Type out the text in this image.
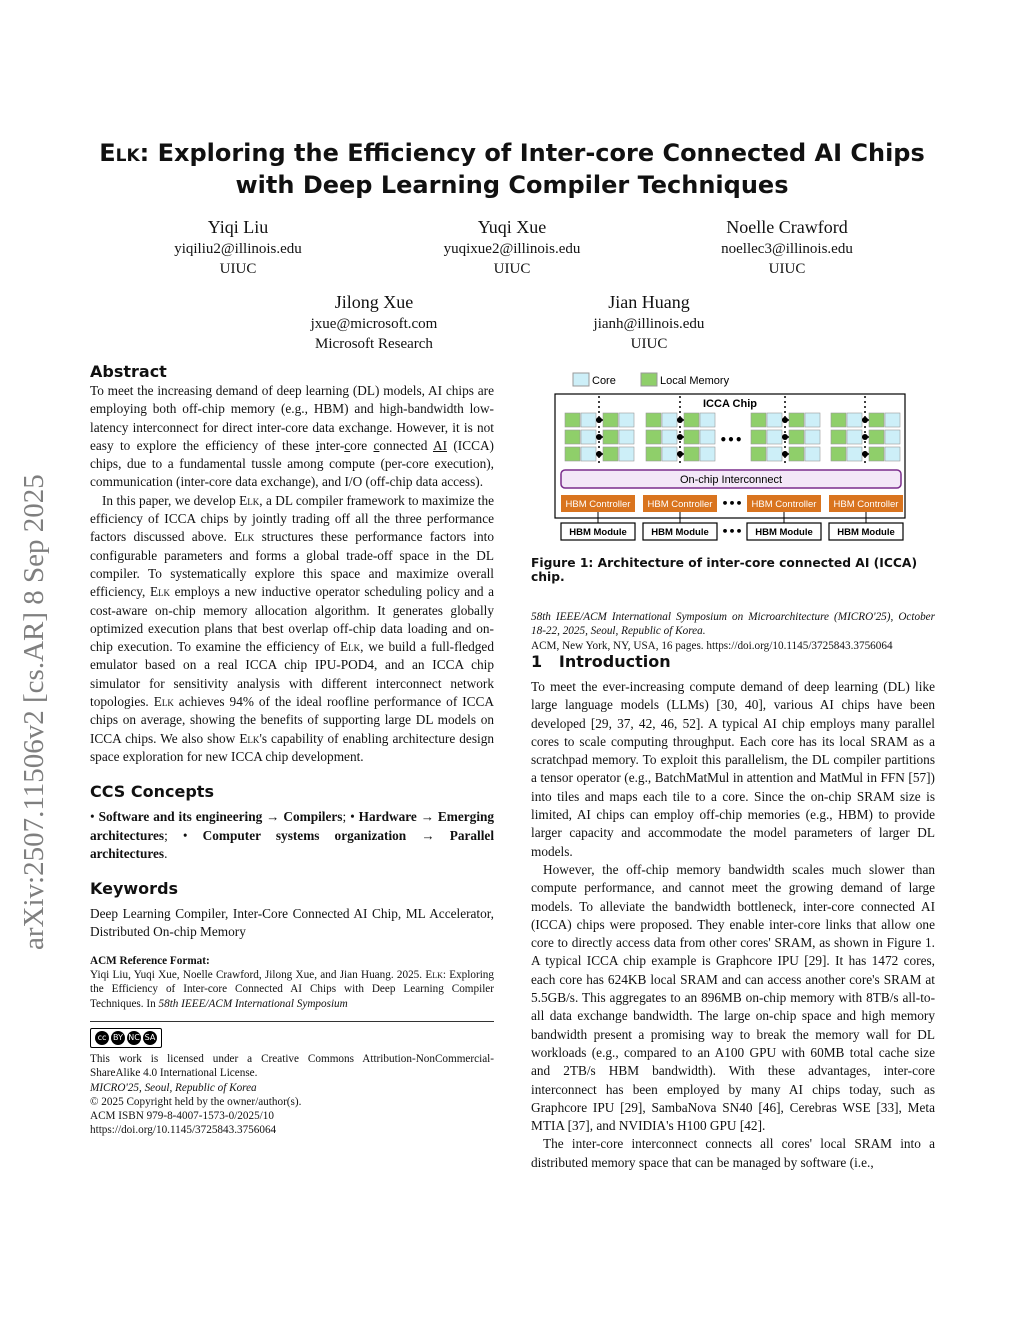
arXiv:2507.11506v2 [cs.AR] 8 Sep 2025
Elk: Exploring the Efficiency of Inter-core Connected AI Chips
with Deep Learning Compiler Techniques
Yiqi Liu
yiqiliu2@illinois.edu
UIUC
Yuqi Xue
yuqixue2@illinois.edu
UIUC
Noelle Crawford
noellec3@illinois.edu
UIUC
Jilong Xue
jxue@microsoft.com
Microsoft Research
Jian Huang
jianh@illinois.edu
UIUC
Abstract

To meet the increasing demand of deep learning (DL) models, AI chips are employing both off-chip memory (e.g., HBM) and high-bandwidth low-latency interconnect for direct inter-core data exchange. However, it is not easy to explore the efficiency of these inter-core connected AI (ICCA) chips, due to a fundamental tussle among compute (per-core execution), communication (inter-core data exchange), and I/O (off-chip data access).

In this paper, we develop Elk, a DL compiler framework to maximize the efficiency of ICCA chips by jointly trading off all the three performance factors discussed above. Elk structures these performance factors into configurable parameters and forms a global trade-off space in the DL compiler. To systematically explore this space and maximize overall efficiency, Elk employs a new inductive operator scheduling policy and a cost-aware on-chip memory allocation algorithm. It generates globally optimized execution plans that best overlap off-chip data loading and on-chip execution. To examine the efficiency of Elk, we build a full-fledged emulator based on a real ICCA chip IPU-POD4, and an ICCA chip simulator for sensitivity analysis with different interconnect network topologies. Elk achieves 94% of the ideal roofline performance of ICCA chips on average, showing the benefits of supporting large DL models on ICCA chips. We also show Elk's capability of enabling architecture design space exploration for new ICCA chip development.

CCS Concepts

• Software and its engineering → Compilers; • Hardware → Emerging architectures; • Computer systems organization → Parallel architectures.

Keywords

Deep Learning Compiler, Inter-Core Connected AI Chip, ML Accelerator, Distributed On-chip Memory

ACM Reference Format:

Yiqi Liu, Yuqi Xue, Noelle Crawford, Jilong Xue, and Jian Huang. 2025. Elk: Exploring the Efficiency of Inter-core Connected AI Chips with Deep Learning Compiler Techniques. In 58th IEEE/ACM International Symposium

cc BY NC SA

This work is licensed under a Creative Commons Attribution-NonCommercial-ShareAlike 4.0 International License.

MICRO'25, Seoul, Republic of Korea
© 2025 Copyright held by the owner/author(s).
ACM ISBN 979-8-4007-1573-0/2025/10
https://doi.org/10.1145/3725843.3756064
Core	Local Memory
ICCA Chip
•••
On-chip Interconnect
HBM Controller HBM Controller	HBM Controller HBM Controller
•••
HBM Module	HBM Module	HBM Module	HBM Module
•••
Figure 1: Architecture of inter-core connected AI (ICCA) chip.

58th IEEE/ACM International Symposium on Microarchitecture (MICRO'25), October 18-22, 2025, Seoul, Republic of Korea.

ACM, New York, NY, USA, 16 pages. https://doi.org/10.1145/3725843.3756064

1 Introduction

To meet the ever-increasing compute demand of deep learning (DL) like large language models (LLMs) [30, 40], various AI chips have been developed [29, 37, 42, 46, 52]. A typical AI chip employs many parallel cores to scale computing throughput. Each core has its local SRAM as a scratchpad memory. To exploit this parallelism, the DL compiler partitions a tensor operator (e.g., BatchMatMul in attention and MatMul in FFN [57]) into tiles and maps each tile to a core. Since the on-chip SRAM size is limited, AI chips can employ off-chip memories (e.g., HBM) to provide larger capacity and accommodate the model parameters of larger DL models.

However, the off-chip memory bandwidth scales much slower than compute performance, and cannot meet the growing demand of large models. To alleviate the bandwidth bottleneck, inter-core connected AI (ICCA) chips were proposed. They enable inter-core links that allow one core to directly access data from other cores' SRAM, as shown in Figure 1. A typical ICCA chip example is Graphcore IPU [29]. It has 1472 cores, each core has 624KB local SRAM and can access another core's SRAM at 5.5GB/s. This aggregates to an 896MB on-chip memory with 8TB/s all-to-all data exchange bandwidth. The large on-chip space and high memory bandwidth present a promising way to break the memory wall for DL workloads (e.g., compared to an A100 GPU with 60MB total cache size and 2TB/s HBM bandwidth). With these advantages, inter-core interconnect has been employed by many AI chips today, such as Graphcore IPU [29], SambaNova SN40 [46], Cerebras WSE [33], Meta MTIA [37], and NVIDIA's H100 GPU [42].

The inter-core interconnect connects all cores' local SRAM into a distributed memory space that can be managed by software (i.e.,
